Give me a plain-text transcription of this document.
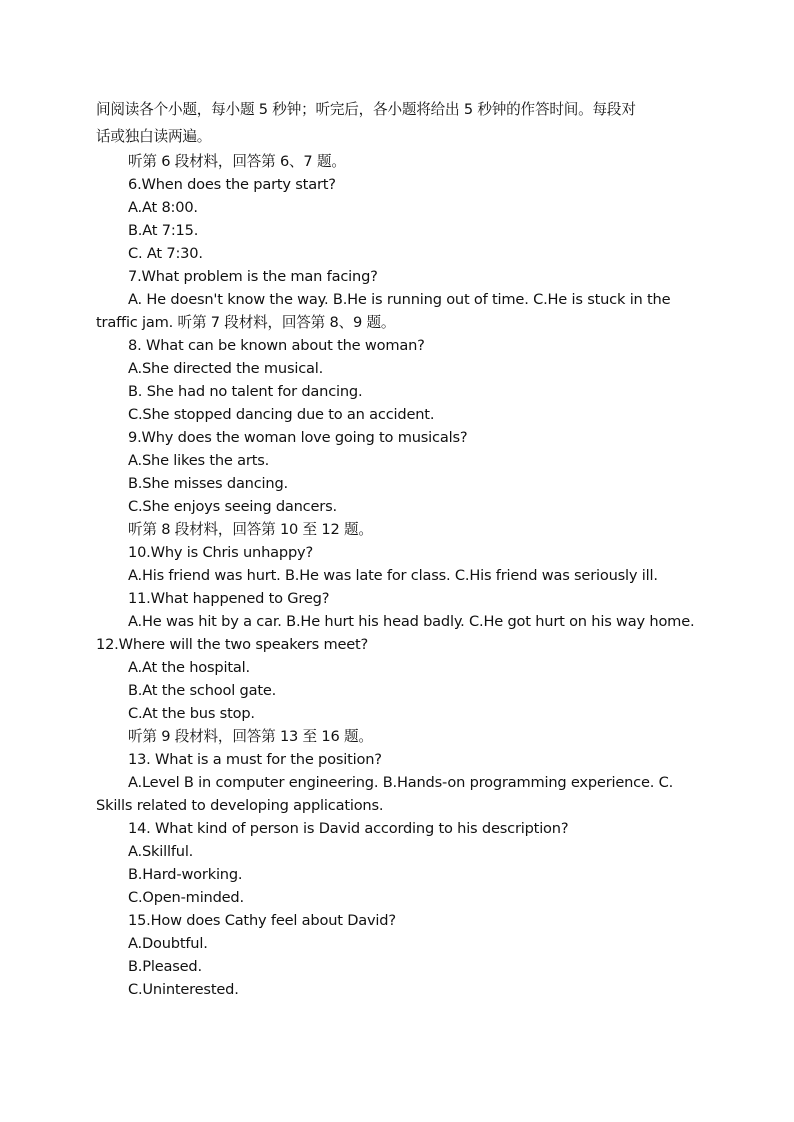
间阅读各个小题，每小题 5 秒钟；听完后，各小题将给出 5 秒钟的作答时间。每段对
话或独白读两遍。
听第 6 段材料，回答第 6、7 题。
6.When does the party start?
A.At 8:00.
B.At 7:15.
C. At 7:30.
7.What problem is the man facing?
A. He doesn't know the way. B.He is running out of time. C.He is stuck in the
traffic jam. 听第 7 段材料，回答第 8、9 题。
8. What can be known about the woman?
A.She directed the musical.
B. She had no talent for dancing.
C.She stopped dancing due to an accident.
9.Why does the woman love going to musicals?
A.She likes the arts.
B.She misses dancing.
C.She enjoys seeing dancers.
听第 8 段材料，回答第 10 至 12 题。
10.Why is Chris unhappy?
A.His friend was hurt. B.He was late for class. C.His friend was seriously ill.
11.What happened to Greg?
A.He was hit by a car. B.He hurt his head badly. C.He got hurt on his way home.
12.Where will the two speakers meet?
A.At the hospital.
B.At the school gate.
C.At the bus stop.
听第 9 段材料，回答第 13 至 16 题。
13. What is a must for the position?
A.Level B in computer engineering. B.Hands-on programming experience. C.
Skills related to developing applications.
14. What kind of person is David according to his description?
A.Skillful.
B.Hard-working.
C.Open-minded.
15.How does Cathy feel about David?
A.Doubtful.
B.Pleased.
C.Uninterested.
